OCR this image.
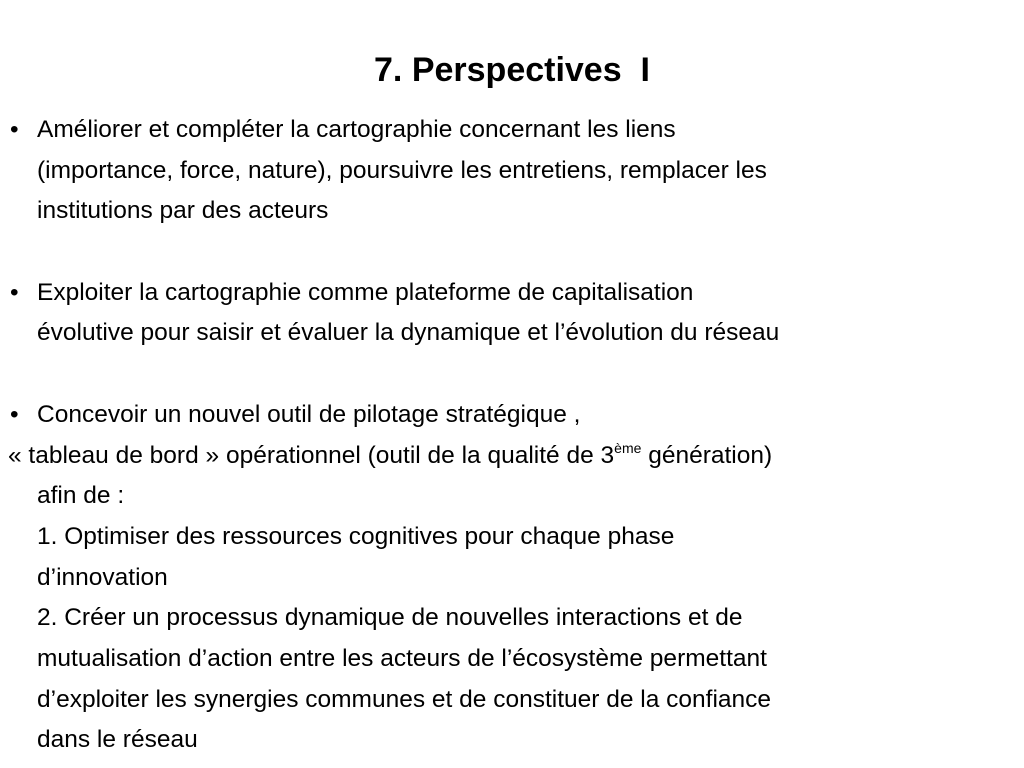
7. Perspectives  I
• Améliorer et compléter la cartographie concernant les liens
(importance, force, nature), poursuivre les entretiens, remplacer les
institutions par des acteurs
• Exploiter la cartographie comme plateforme de capitalisation
évolutive pour saisir et évaluer la dynamique et l’évolution du réseau
• Concevoir un nouvel outil de pilotage stratégique ,
« tableau de bord » opérationnel (outil de la qualité de 3ème génération)
afin de :
1. Optimiser des ressources cognitives pour chaque phase
d’innovation
2. Créer un processus dynamique de nouvelles interactions et de
mutualisation d’action entre les acteurs de l’écosystème permettant
d’exploiter les synergies communes et de constituer de la confiance
dans le réseau
